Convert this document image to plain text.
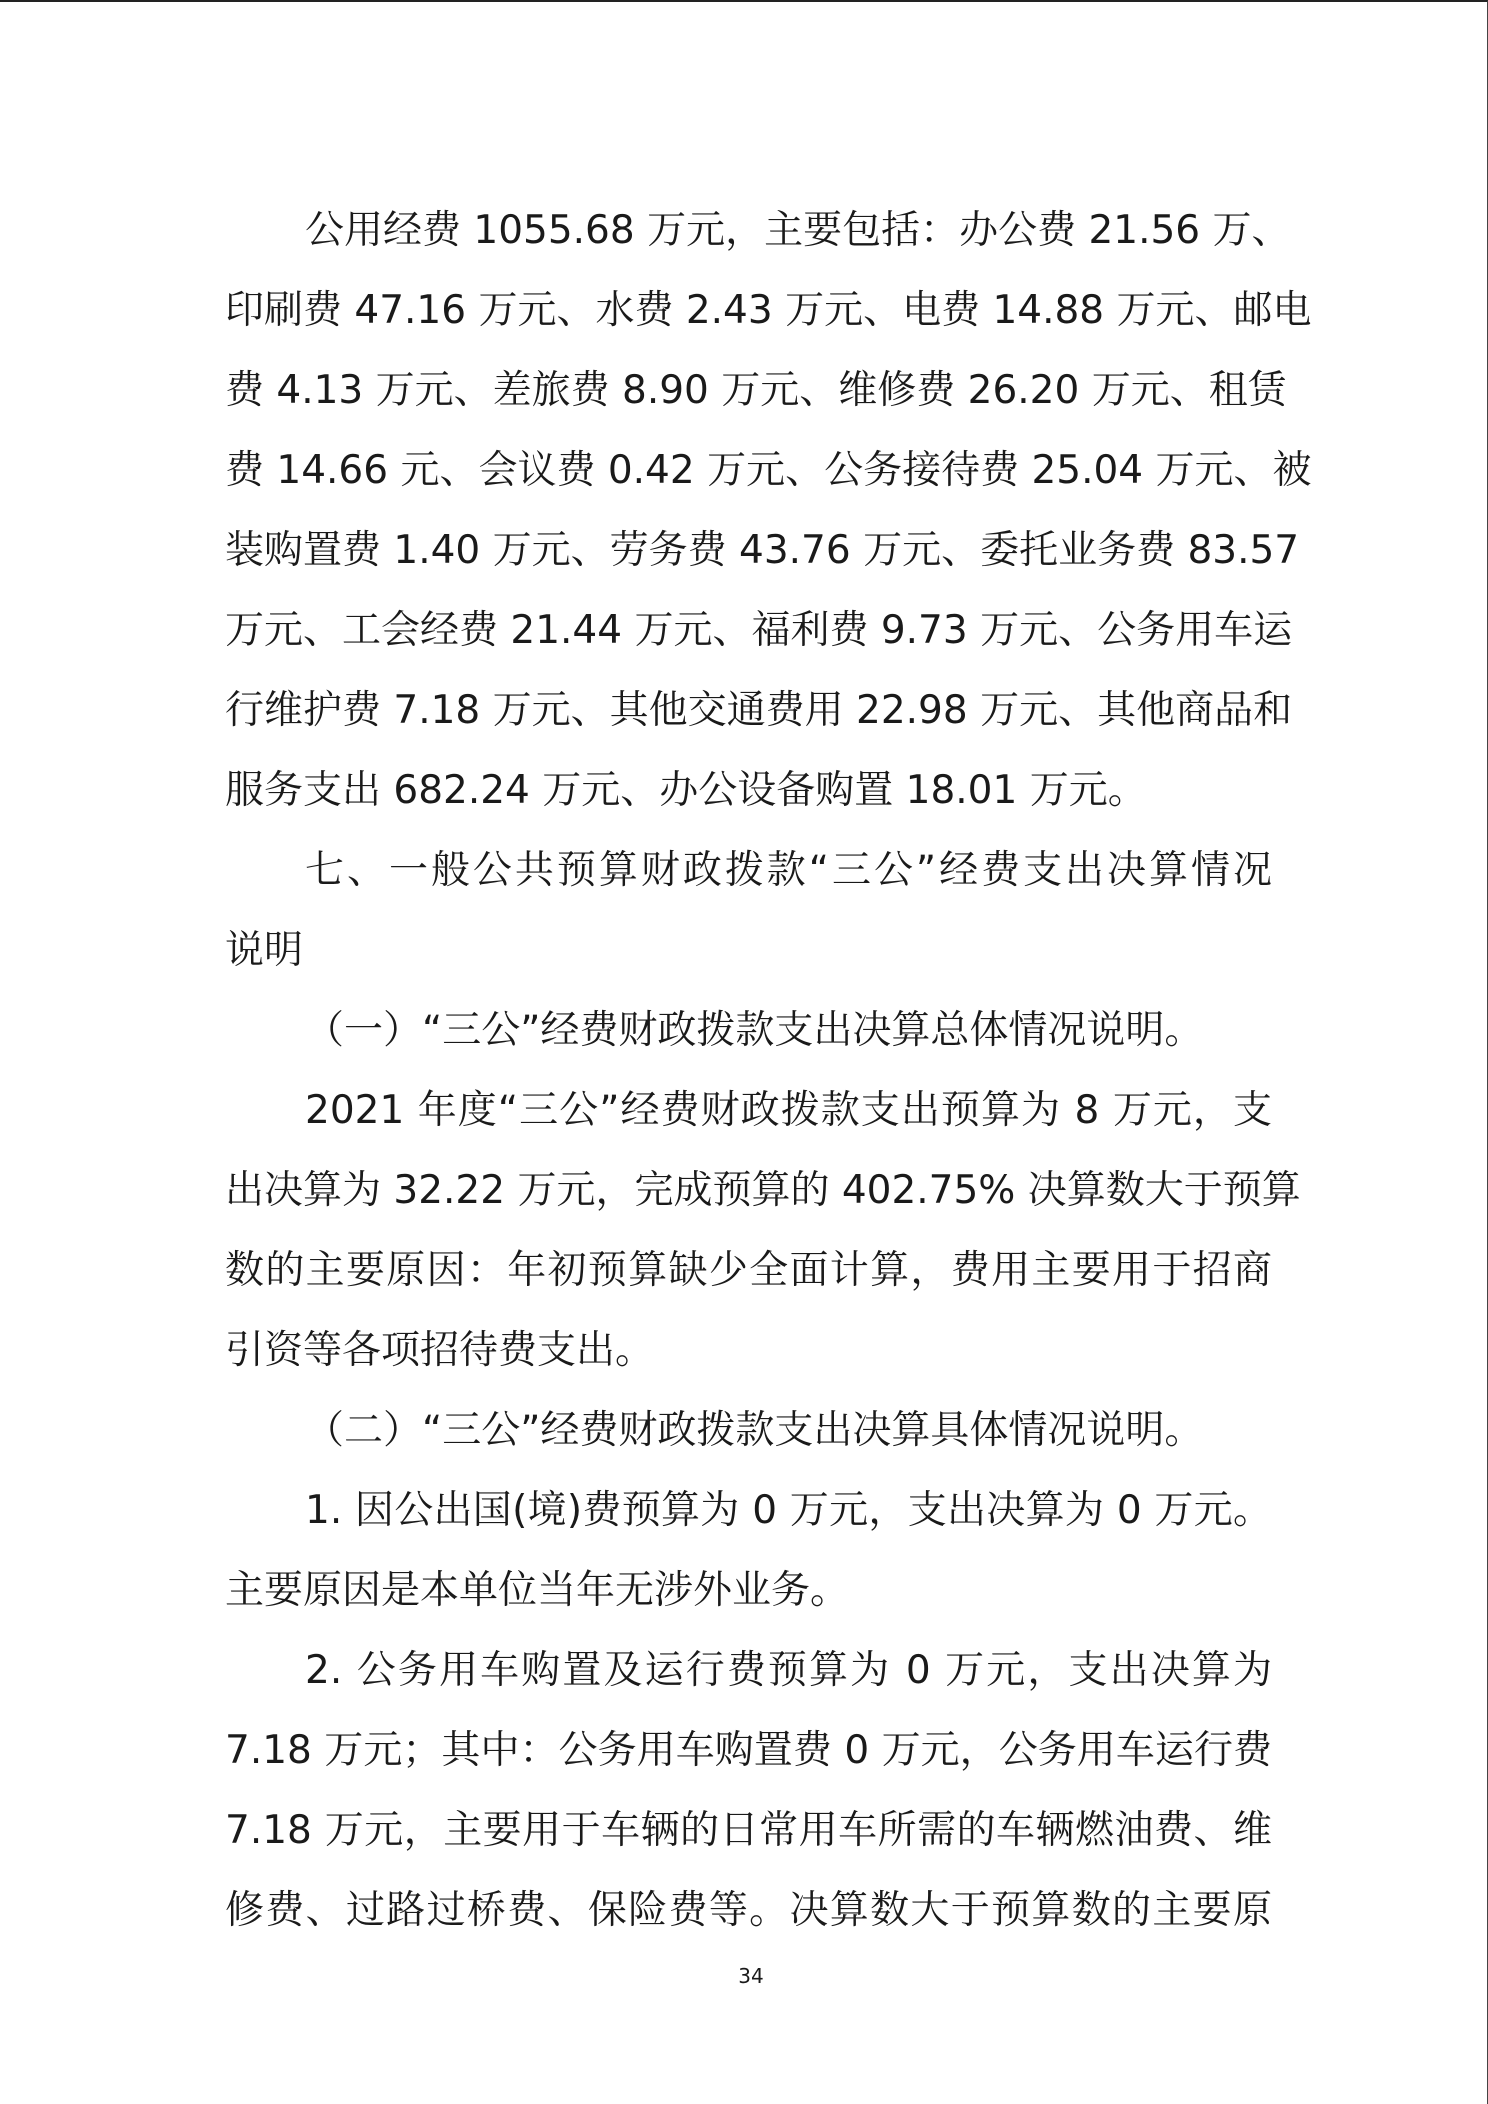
公用经费 1055.68 万元，主要包括：办公费 21.56 万、
印刷费 47.16 万元、水费 2.43 万元、电费 14.88 万元、邮电
费 4.13 万元、差旅费 8.90 万元、维修费 26.20 万元、租赁
费 14.66 元、会议费 0.42 万元、公务接待费 25.04 万元、被
装购置费 1.40 万元、劳务费 43.76 万元、委托业务费 83.57
万元、工会经费 21.44 万元、福利费 9.73 万元、公务用车运
行维护费 7.18 万元、其他交通费用 22.98 万元、其他商品和
服务支出 682.24 万元、办公设备购置 18.01 万元。
七、一般公共预算财政拨款“三公”经费支出决算情况
说明
（一）“三公”经费财政拨款支出决算总体情况说明。
2021 年度“三公”经费财政拨款支出预算为 8 万元，支
出决算为 32.22 万元，完成预算的 402.75% 决算数大于预算
数的主要原因：年初预算缺少全面计算，费用主要用于招商
引资等各项招待费支出。
（二）“三公”经费财政拨款支出决算具体情况说明。
1. 因公出国(境)费预算为 0 万元，支出决算为 0 万元。
主要原因是本单位当年无涉外业务。
2. 公务用车购置及运行费预算为 0 万元，支出决算为
7.18 万元；其中：公务用车购置费 0 万元，公务用车运行费
7.18 万元，主要用于车辆的日常用车所需的车辆燃油费、维
修费、过路过桥费、保险费等。决算数大于预算数的主要原
34
